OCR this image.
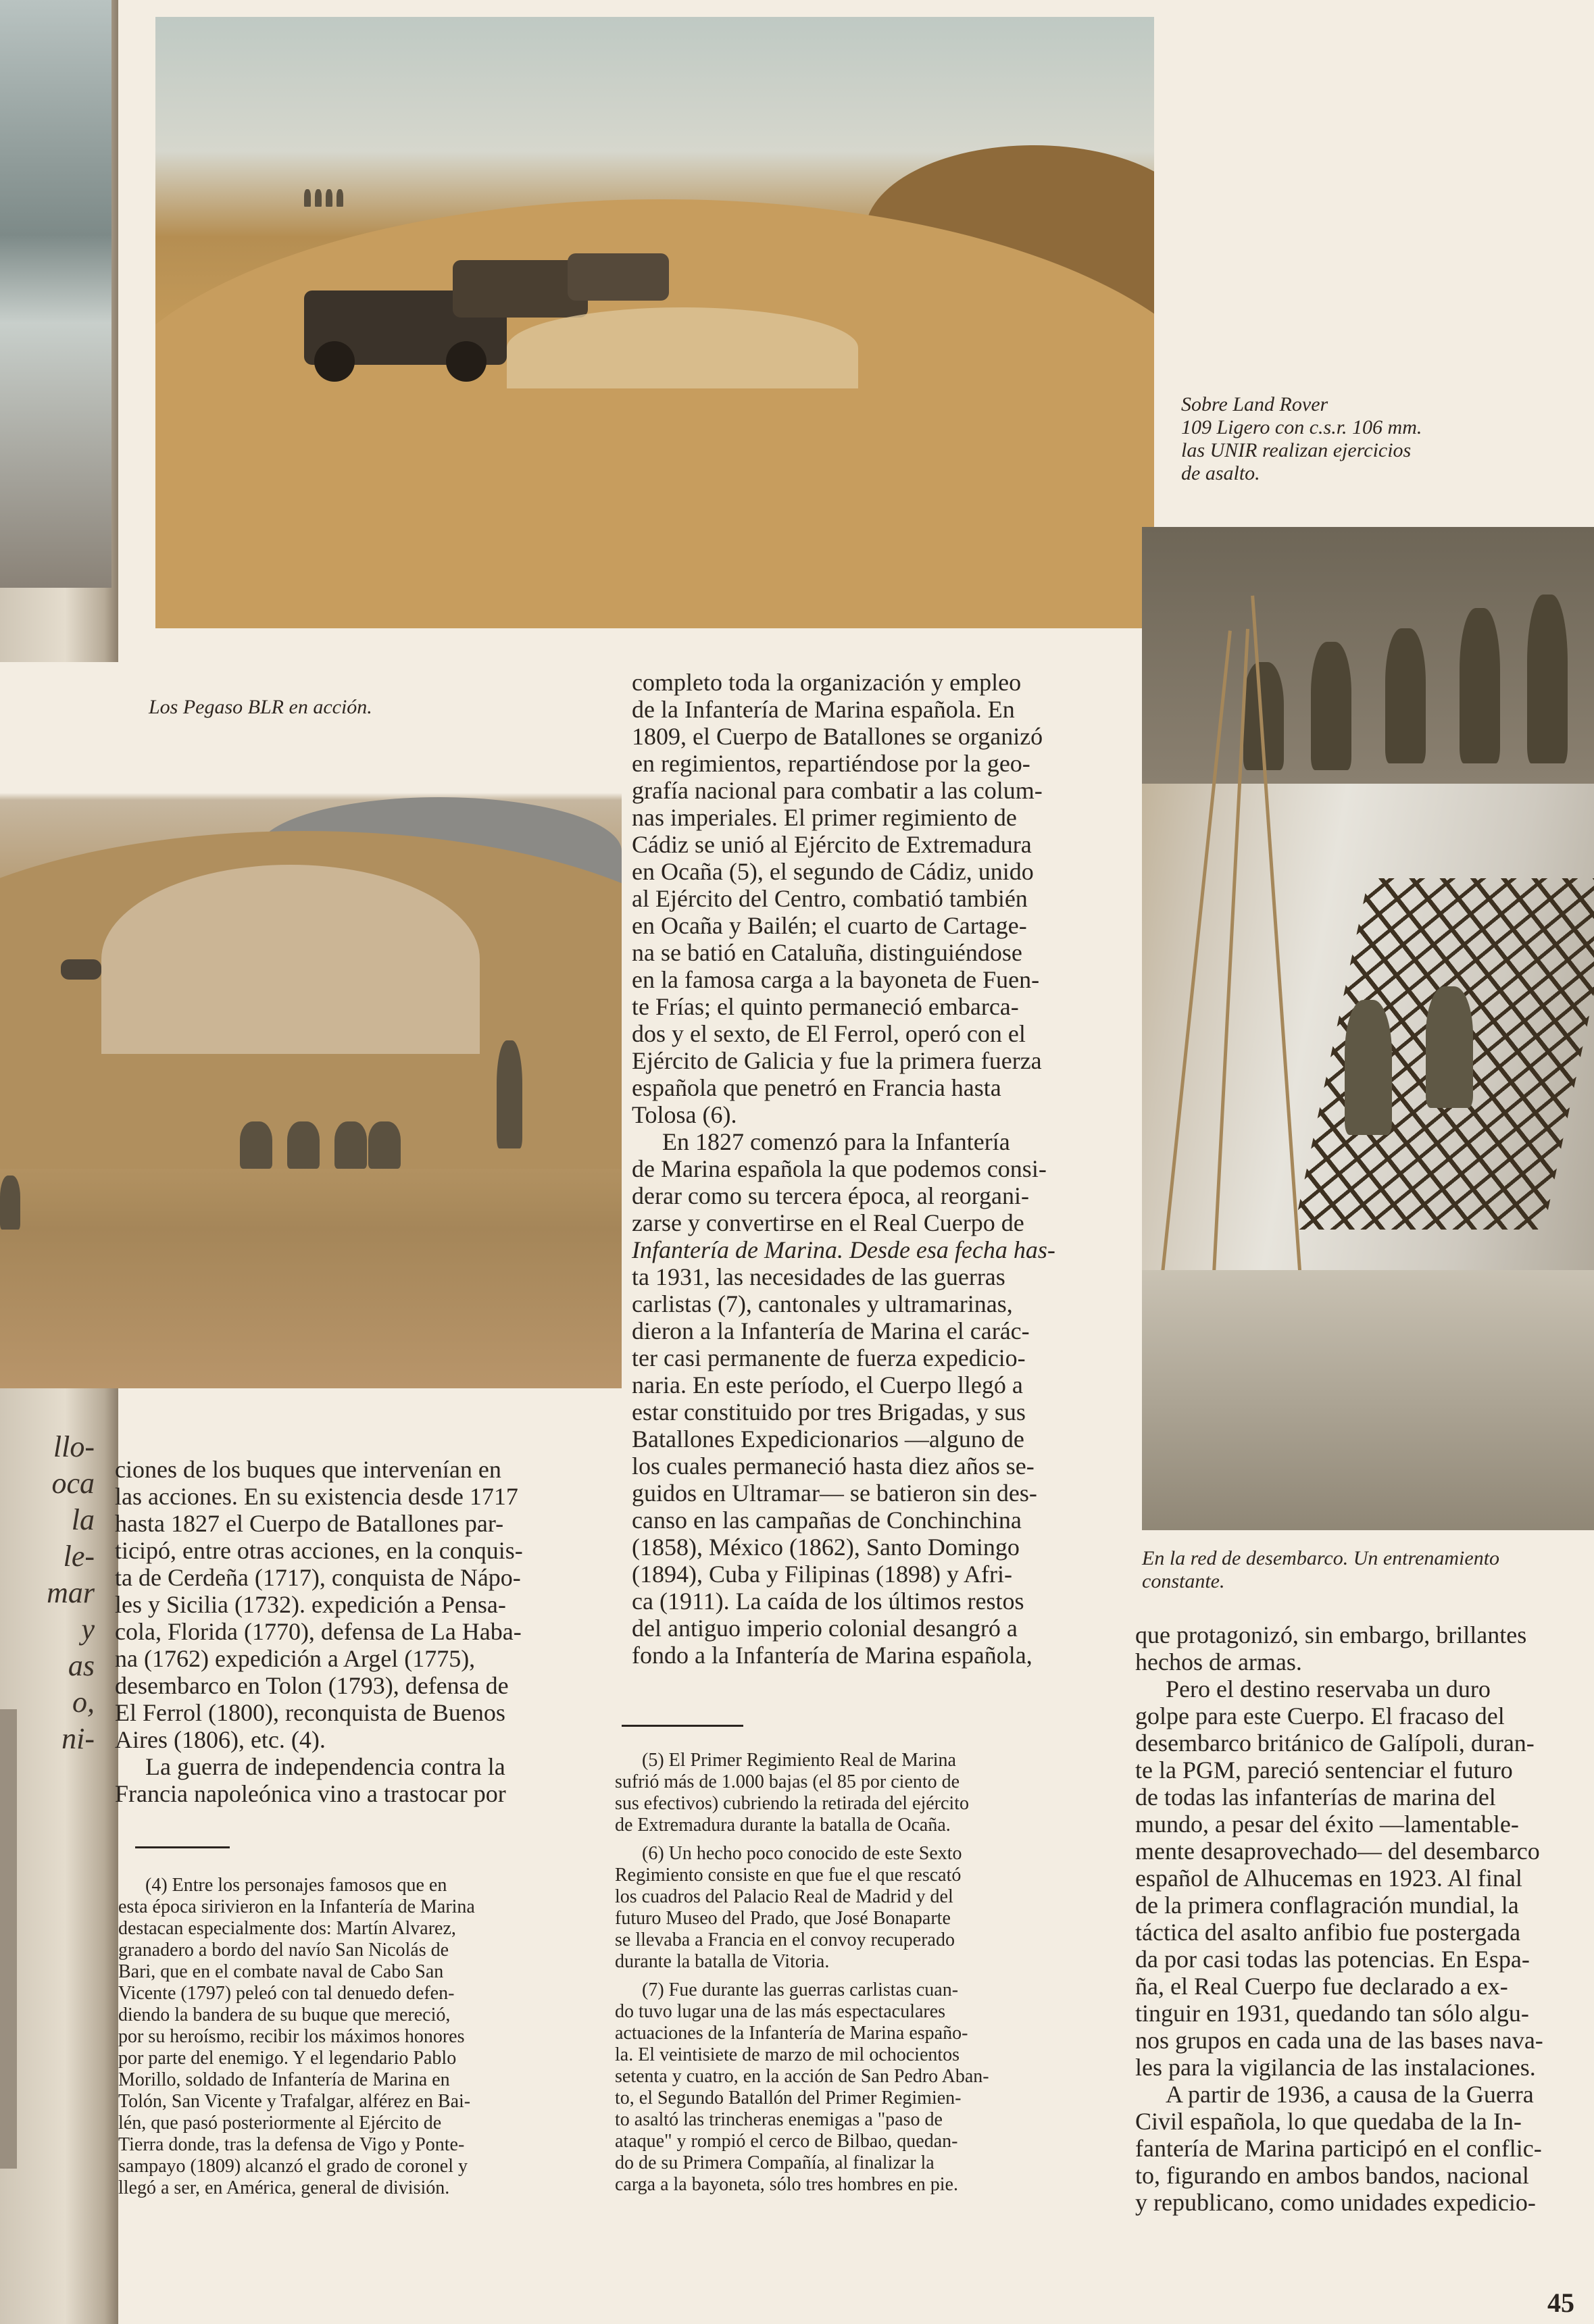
llo-
oca
la
le-
mar
y
as
o,
ni-
Sobre Land Rover
109 Ligero con c.s.r. 106 mm.
las UNIR realizan ejercicios
de asalto.
Los Pegaso BLR en acción.
En la red de desembarco. Un entrenamiento
constante.
completo toda la organización y empleo
de la Infantería de Marina española. En
1809, el Cuerpo de Batallones se organizó
en regimientos, repartiéndose por la geo-
grafía nacional para combatir a las colum-
nas imperiales. El primer regimiento de
Cádiz se unió al Ejército de Extremadura
en Ocaña (5), el segundo de Cádiz, unido
al Ejército del Centro, combatió también
en Ocaña y Bailén; el cuarto de Cartage-
na se batió en Cataluña, distinguiéndose
en la famosa carga a la bayoneta de Fuen-
te Frías; el quinto permaneció embarca-
dos y el sexto, de El Ferrol, operó con el
Ejército de Galicia y fue la primera fuerza
española que penetró en Francia hasta
Tolosa (6).
En 1827 comenzó para la Infantería
de Marina española la que podemos consi-
derar como su tercera época, al reorgani-
zarse y convertirse en el Real Cuerpo de
Infantería de Marina. Desde esa fecha has-
ta 1931, las necesidades de las guerras
carlistas (7), cantonales y ultramarinas,
dieron a la Infantería de Marina el carác-
ter casi permanente de fuerza expedicio-
naria. En este período, el Cuerpo llegó a
estar constituido por tres Brigadas, y sus
Batallones Expedicionarios —alguno de
los cuales permaneció hasta diez años se-
guidos en Ultramar— se batieron sin des-
canso en las campañas de Conchinchina
(1858), México (1862), Santo Domingo
(1894), Cuba y Filipinas (1898) y Afri-
ca (1911). La caída de los últimos restos
del antiguo imperio colonial desangró a
fondo a la Infantería de Marina española,
(5) El Primer Regimiento Real de Marina
sufrió más de 1.000 bajas (el 85 por ciento de
sus efectivos) cubriendo la retirada del ejército
de Extremadura durante la batalla de Ocaña.
(6) Un hecho poco conocido de este Sexto
Regimiento consiste en que fue el que rescató
los cuadros del Palacio Real de Madrid y del
futuro Museo del Prado, que José Bonaparte
se llevaba a Francia en el convoy recuperado
durante la batalla de Vitoria.
(7) Fue durante las guerras carlistas cuan-
do tuvo lugar una de las más espectaculares
actuaciones de la Infantería de Marina españo-
la. El veintisiete de marzo de mil ochocientos
setenta y cuatro, en la acción de San Pedro Aban-
to, el Segundo Batallón del Primer Regimien-
to asaltó las trincheras enemigas a "paso de
ataque" y rompió el cerco de Bilbao, quedan-
do de su Primera Compañía, al finalizar la
carga a la bayoneta, sólo tres hombres en pie.
ciones de los buques que intervenían en
las acciones. En su existencia desde 1717
hasta 1827 el Cuerpo de Batallones par-
ticipó, entre otras acciones, en la conquis-
ta de Cerdeña (1717), conquista de Nápo-
les y Sicilia (1732). expedición a Pensa-
cola, Florida (1770), defensa de La Haba-
na (1762) expedición a Argel (1775),
desembarco en Tolon (1793), defensa de
El Ferrol (1800), reconquista de Buenos
Aires (1806), etc. (4).
La guerra de independencia contra la
Francia napoleónica vino a trastocar por
(4) Entre los personajes famosos que en
esta época sirivieron en la Infantería de Marina
destacan especialmente dos: Martín Alvarez,
granadero a bordo del navío San Nicolás de
Bari, que en el combate naval de Cabo San
Vicente (1797) peleó con tal denuedo defen-
diendo la bandera de su buque que mereció,
por su heroísmo, recibir los máximos honores
por parte del enemigo. Y el legendario Pablo
Morillo, soldado de Infantería de Marina en
Tolón, San Vicente y Trafalgar, alférez en Bai-
lén, que pasó posteriormente al Ejército de
Tierra donde, tras la defensa de Vigo y Ponte-
sampayo (1809) alcanzó el grado de coronel y
llegó a ser, en América, general de división.
que protagonizó, sin embargo, brillantes
hechos de armas.
Pero el destino reservaba un duro
golpe para este Cuerpo. El fracaso del
desembarco británico de Galípoli, duran-
te la PGM, pareció sentenciar el futuro
de todas las infanterías de marina del
mundo, a pesar del éxito —lamentable-
mente desaprovechado— del desembarco
español de Alhucemas en 1923. Al final
de la primera conflagración mundial, la
táctica del asalto anfibio fue postergada
da por casi todas las potencias. En Espa-
ña, el Real Cuerpo fue declarado a ex-
tinguir en 1931, quedando tan sólo algu-
nos grupos en cada una de las bases nava-
les para la vigilancia de las instalaciones.
A partir de 1936, a causa de la Guerra
Civil española, lo que quedaba de la In-
fantería de Marina participó en el conflic-
to, figurando en ambos bandos, nacional
y republicano, como unidades expedicio-
45
